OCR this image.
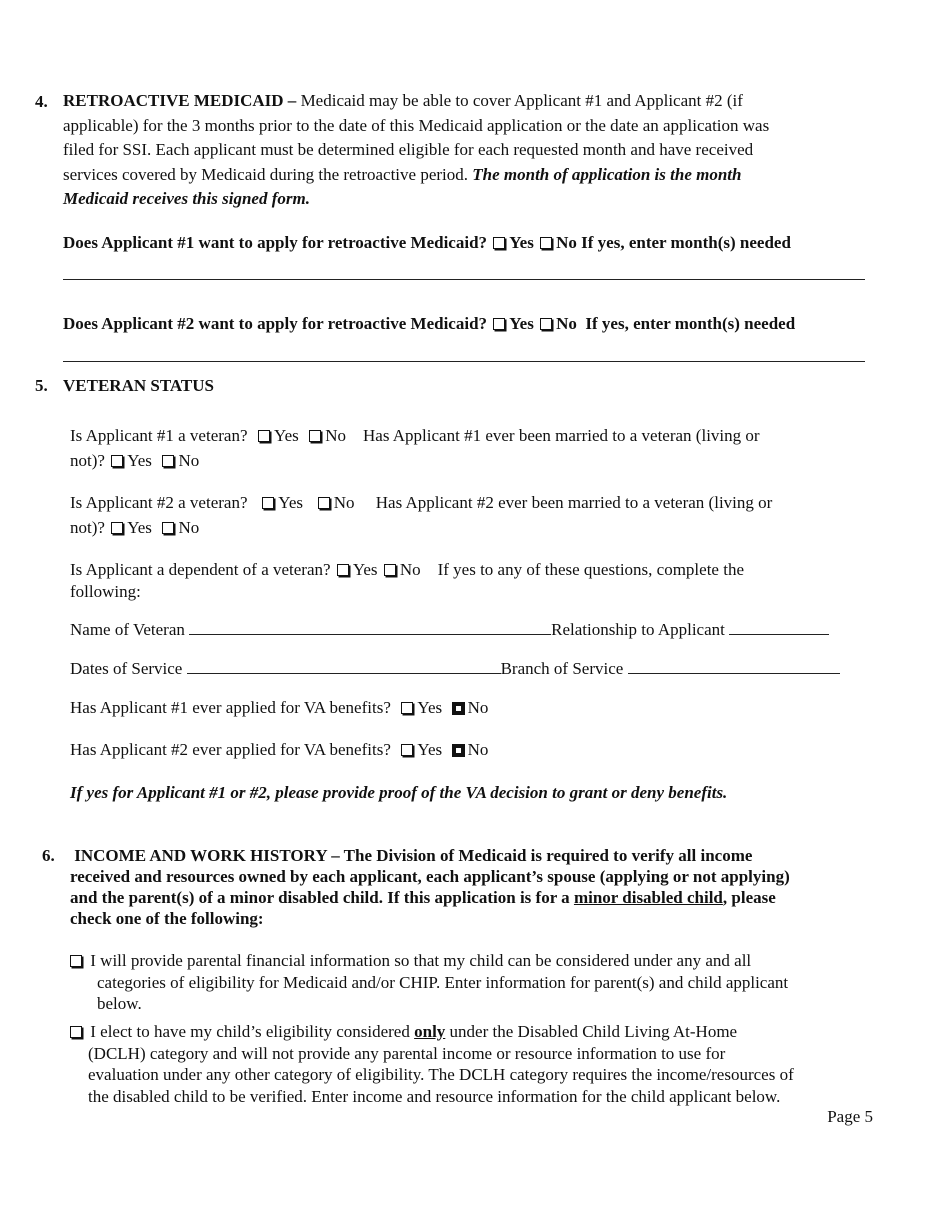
4. RETROACTIVE MEDICAID – Medicaid may be able to cover Applicant #1 and Applicant #2 (if
applicable) for the 3 months prior to the date of this Medicaid application or the date an application was
filed for SSI. Each applicant must be determined eligible for each requested month and have received
services covered by Medicaid during the retroactive period. The month of application is the month
Medicaid receives this signed form.
Does Applicant #1 want to apply for retroactive Medicaid? Yes No If yes, enter month(s) needed
Does Applicant #2 want to apply for retroactive Medicaid? Yes No If yes, enter month(s) needed
5. VETERAN STATUS
Is Applicant #1 a veteran? Yes No Has Applicant #1 ever been married to a veteran (living or
not)? Yes No
Is Applicant #2 a veteran? Yes No Has Applicant #2 ever been married to a veteran (living or
not)? Yes No
Is Applicant a dependent of a veteran? Yes No If yes to any of these questions, complete the
following:
Name of Veteran	Relationship to Applicant
Dates of Service	Branch of Service
Has Applicant #1 ever applied for VA benefits? Yes No
Has Applicant #2 ever applied for VA benefits? Yes No
If yes for Applicant #1 or #2, please provide proof of the VA decision to grant or deny benefits.
6. INCOME AND WORK HISTORY – The Division of Medicaid is required to verify all income
received and resources owned by each applicant, each applicant’s spouse (applying or not applying)
and the parent(s) of a minor disabled child. If this application is for a minor disabled child, please
check one of the following:
I will provide parental financial information so that my child can be considered under any and all
categories of eligibility for Medicaid and/or CHIP. Enter information for parent(s) and child applicant
below.
I elect to have my child’s eligibility considered only under the Disabled Child Living At-Home
(DCLH) category and will not provide any parental income or resource information to use for
evaluation under any other category of eligibility. The DCLH category requires the income/resources of
the disabled child to be verified. Enter income and resource information for the child applicant below.
Page 5
